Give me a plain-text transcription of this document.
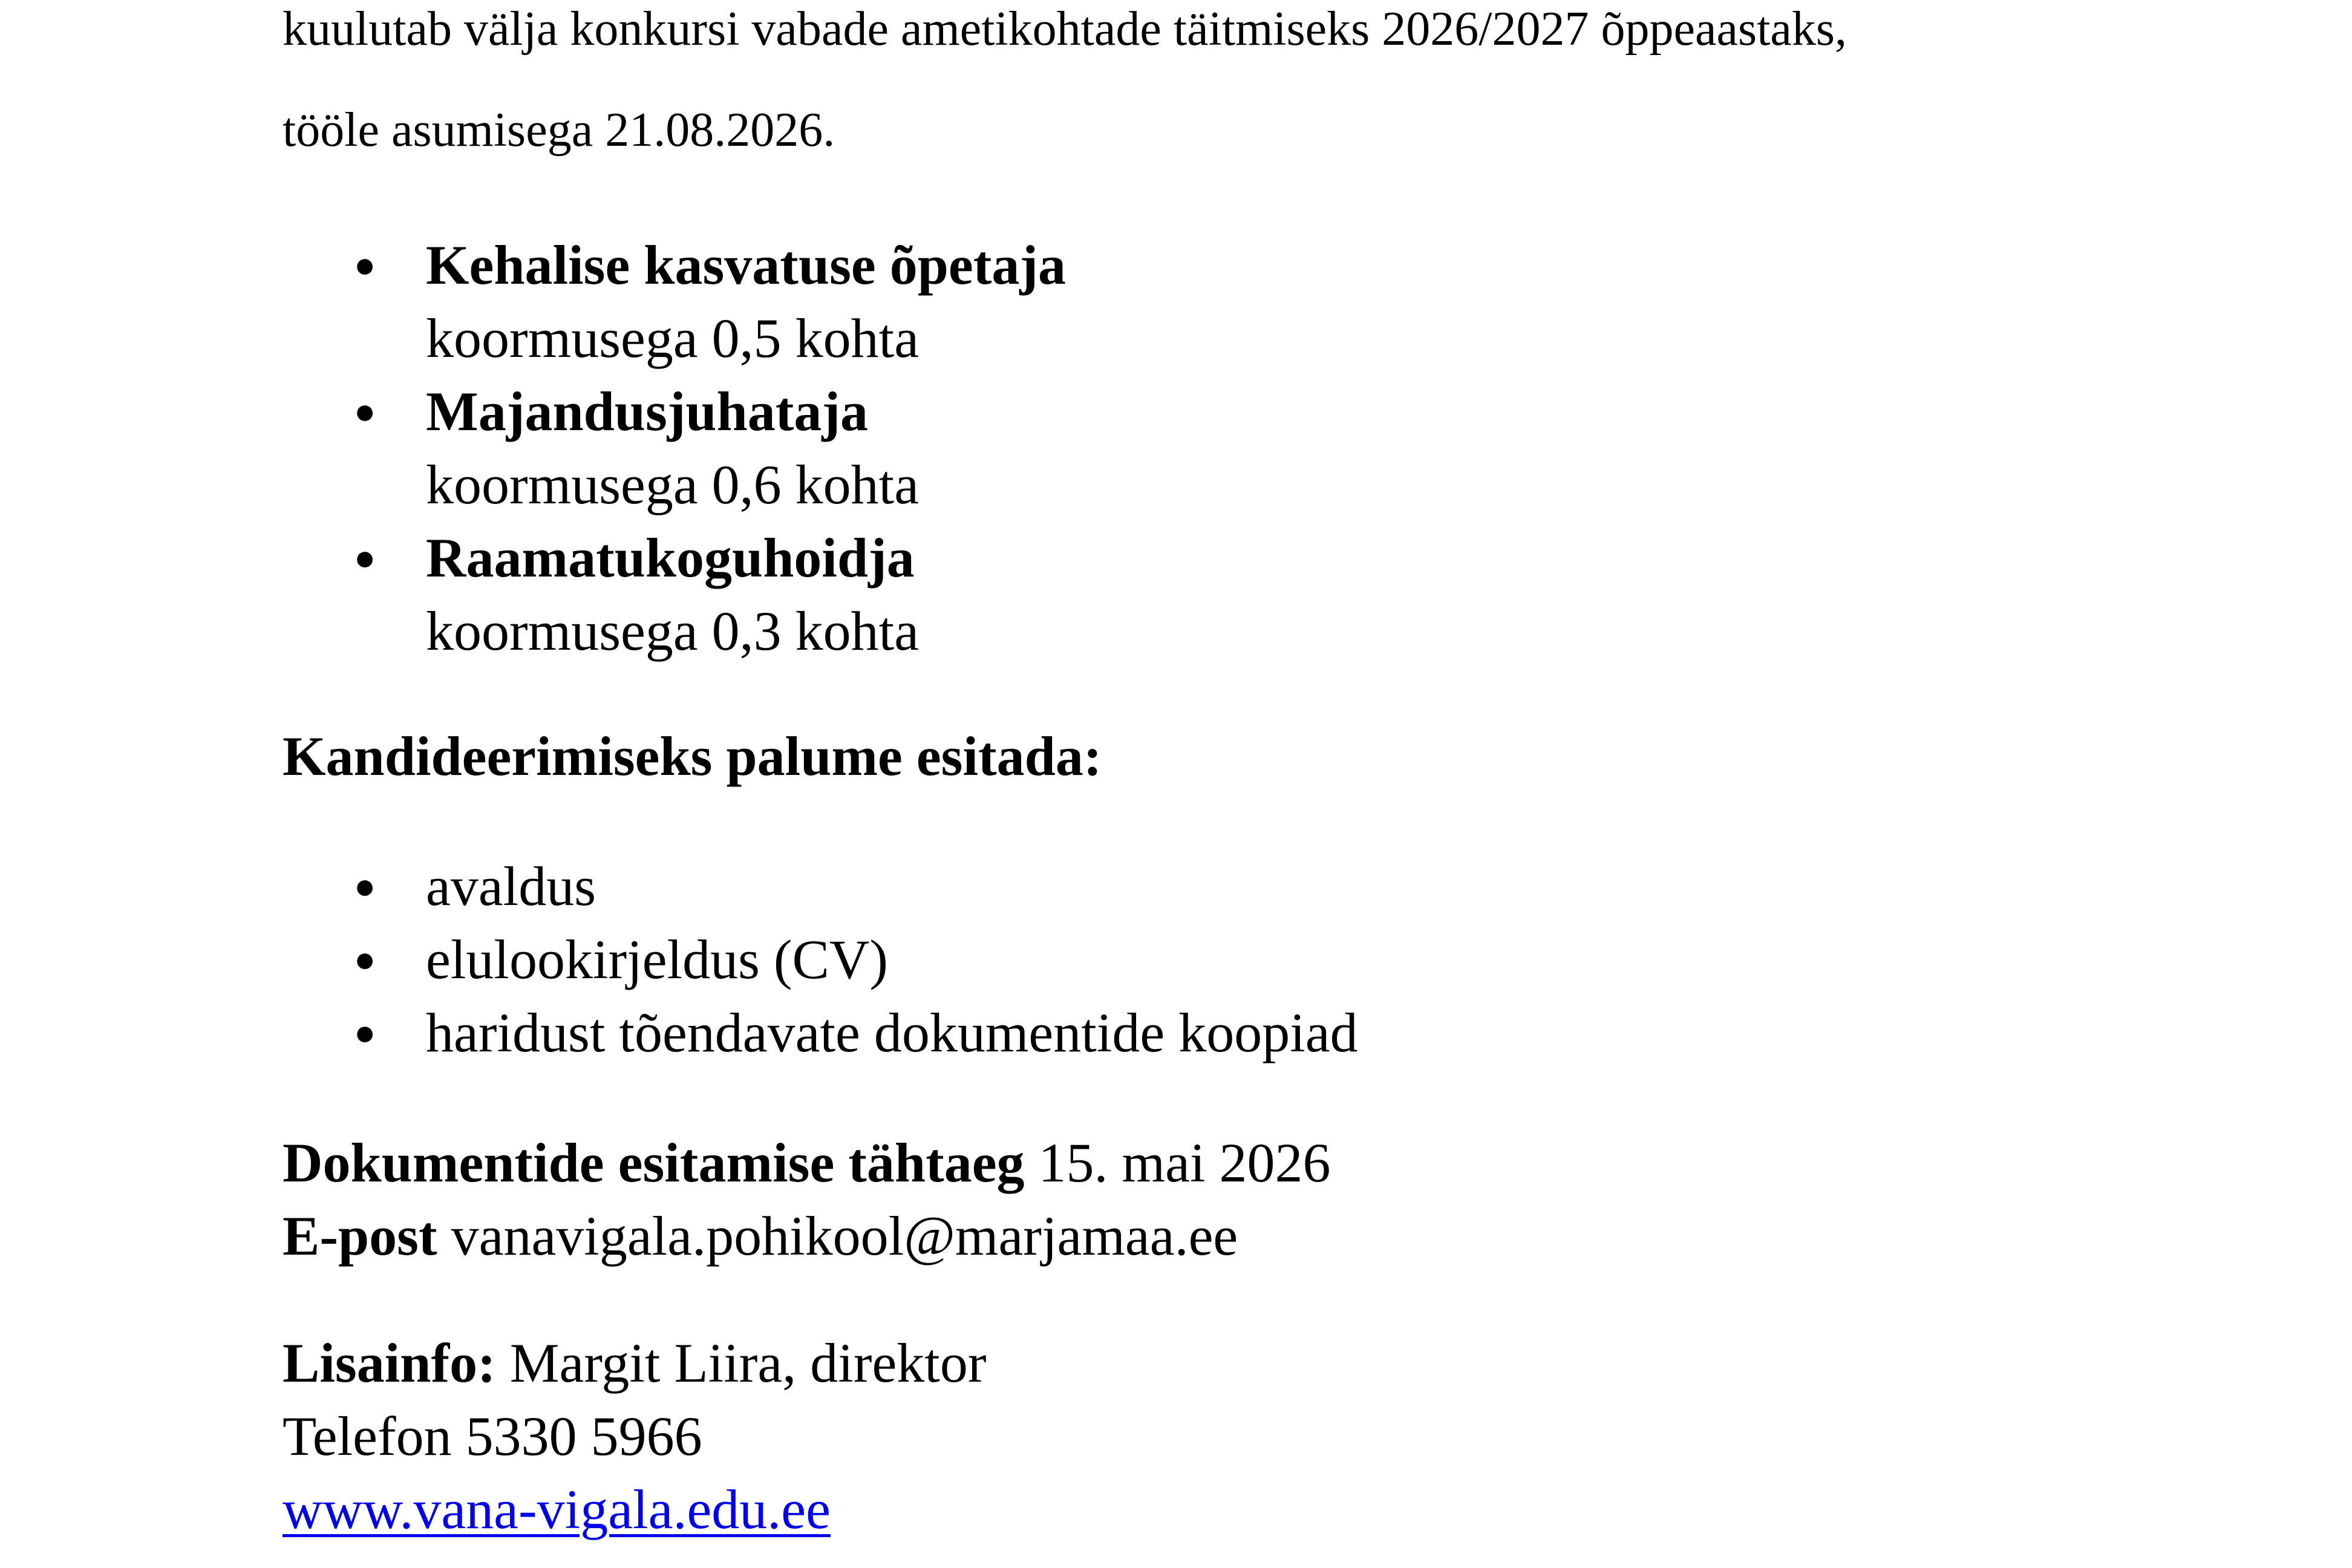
kuulutab välja konkursi vabade ametikohtade täitmiseks 2026/2027 õppeaastaks,

tööle asumisega 21.08.2026.

● Kehalise kasvatuse õpetaja
koormusega 0,5 kohta
● Majandusjuhataja
koormusega 0,6 kohta
● Raamatukoguhoidja
koormusega 0,3 kohta

Kandideerimiseks palume esitada:

● avaldus
● elulookirjeldus (CV)
● haridust tõendavate dokumentide koopiad
Dokumentide esitamise tähtaeg 15. mai 2026
E-post vanavigala.pohikool@marjamaa.ee
Lisainfo: Margit Liira, direktor
Telefon 5330 5966
www.vana-vigala.edu.ee
